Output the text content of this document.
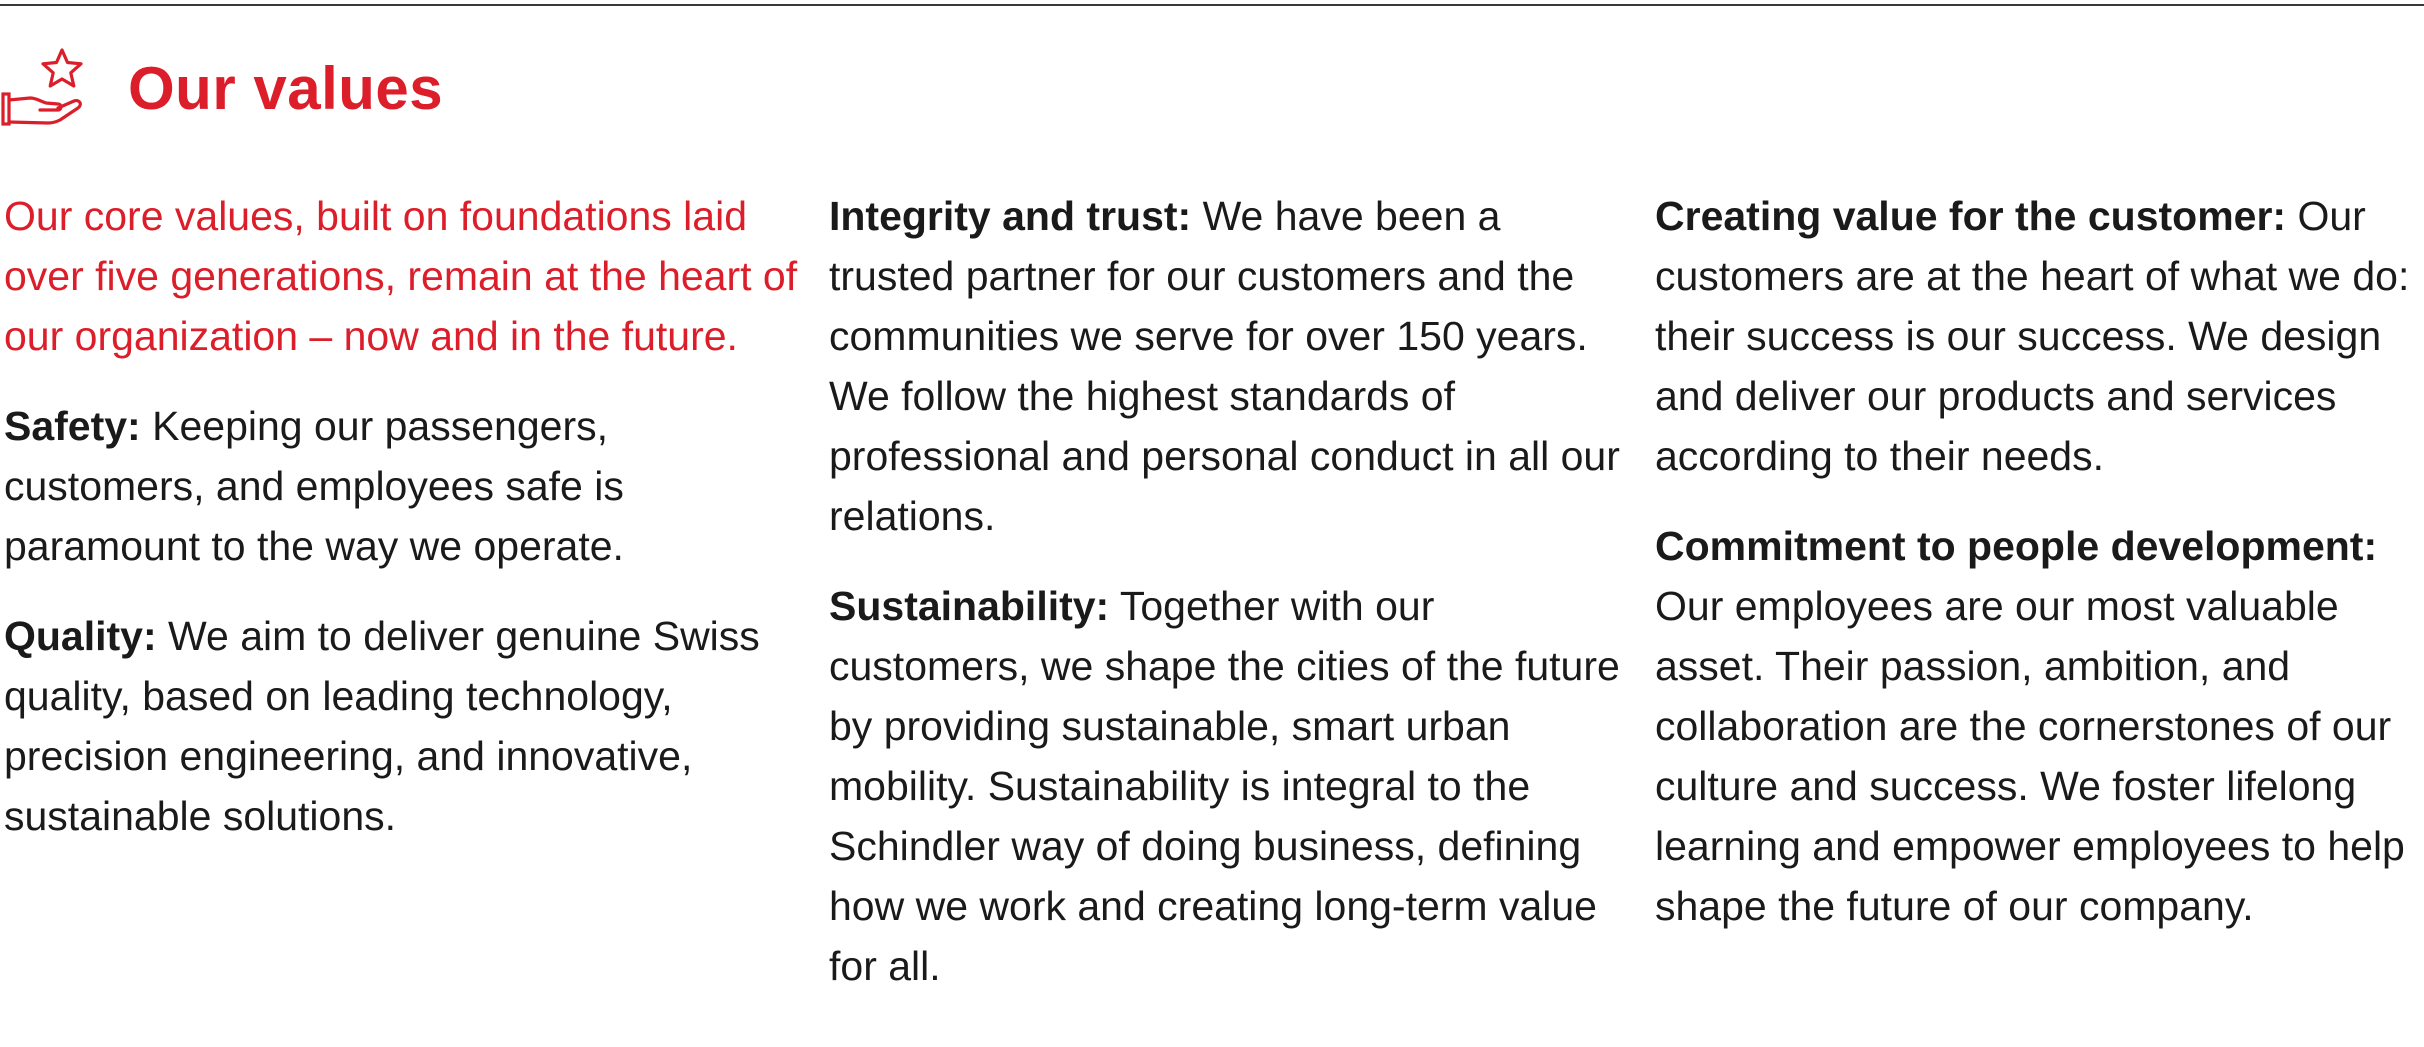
Our values

Our core values, built on foundations laid over five generations, remain at the heart of our organization – now and in the future.

Safety: Keeping our passengers, customers, and employees safe is paramount to the way we operate.

Quality: We aim to deliver genuine Swiss quality, based on leading technology, precision engineering, and innovative, sustainable solutions.

Integrity and trust: We have been a trusted partner for our customers and the communities we serve for over 150 years. We follow the highest standards of professional and personal conduct in all our relations.

Sustainability: Together with our customers, we shape the cities of the future by providing sustainable, smart urban mobility. Sustainability is integral to the Schindler way of doing business, defining how we work and creating long-term value for all.

Creating value for the customer: Our customers are at the heart of what we do: their success is our success. We design and deliver our products and services according to their needs.

Commitment to people development: Our employees are our most valuable asset. Their passion, ambition, and collaboration are the cornerstones of our culture and success. We foster lifelong learning and empower employees to help shape the future of our company.
